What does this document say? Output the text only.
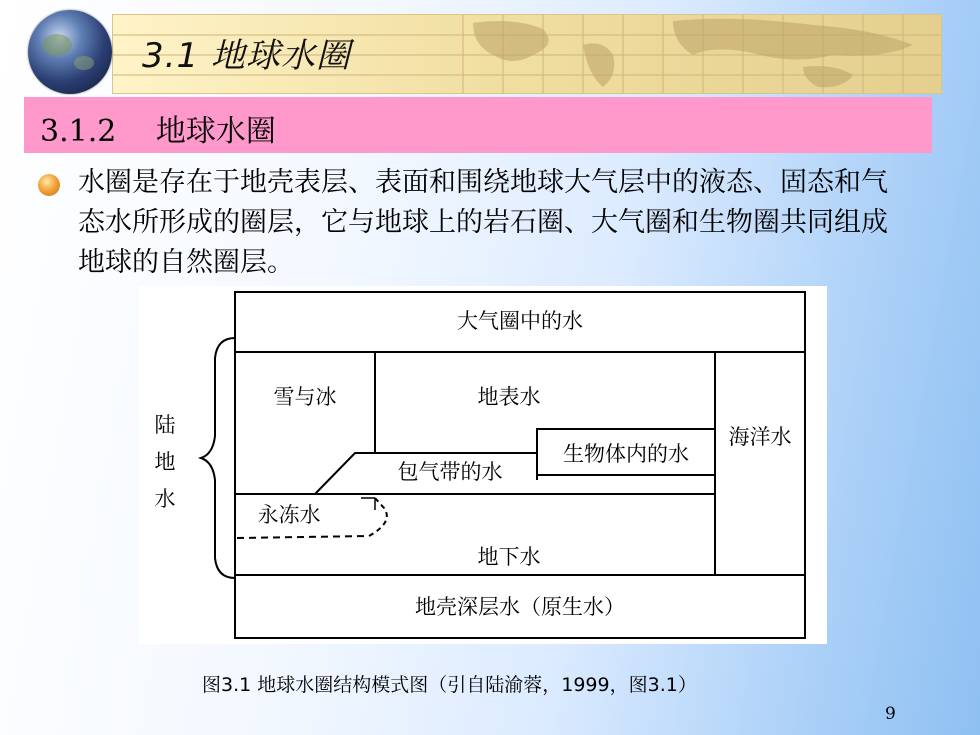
3.1 地球水圈
3.1.2　 地球水圈
水圈是存在于地壳表层、表面和围绕地球大气层中的液态、固态和气态水所形成的圈层，它与地球上的岩石圈、大气圈和生物圈共同组成地球的自然圈层。
大气圈中的水
雪与冰	地表水
生物体内的水
海洋水
包气带的水
永冻水
地下水
地壳深层水（原生水）
陆
地
水
图3.1 地球水圈结构模式图（引自陆渝蓉，1999，图3.1）
9
